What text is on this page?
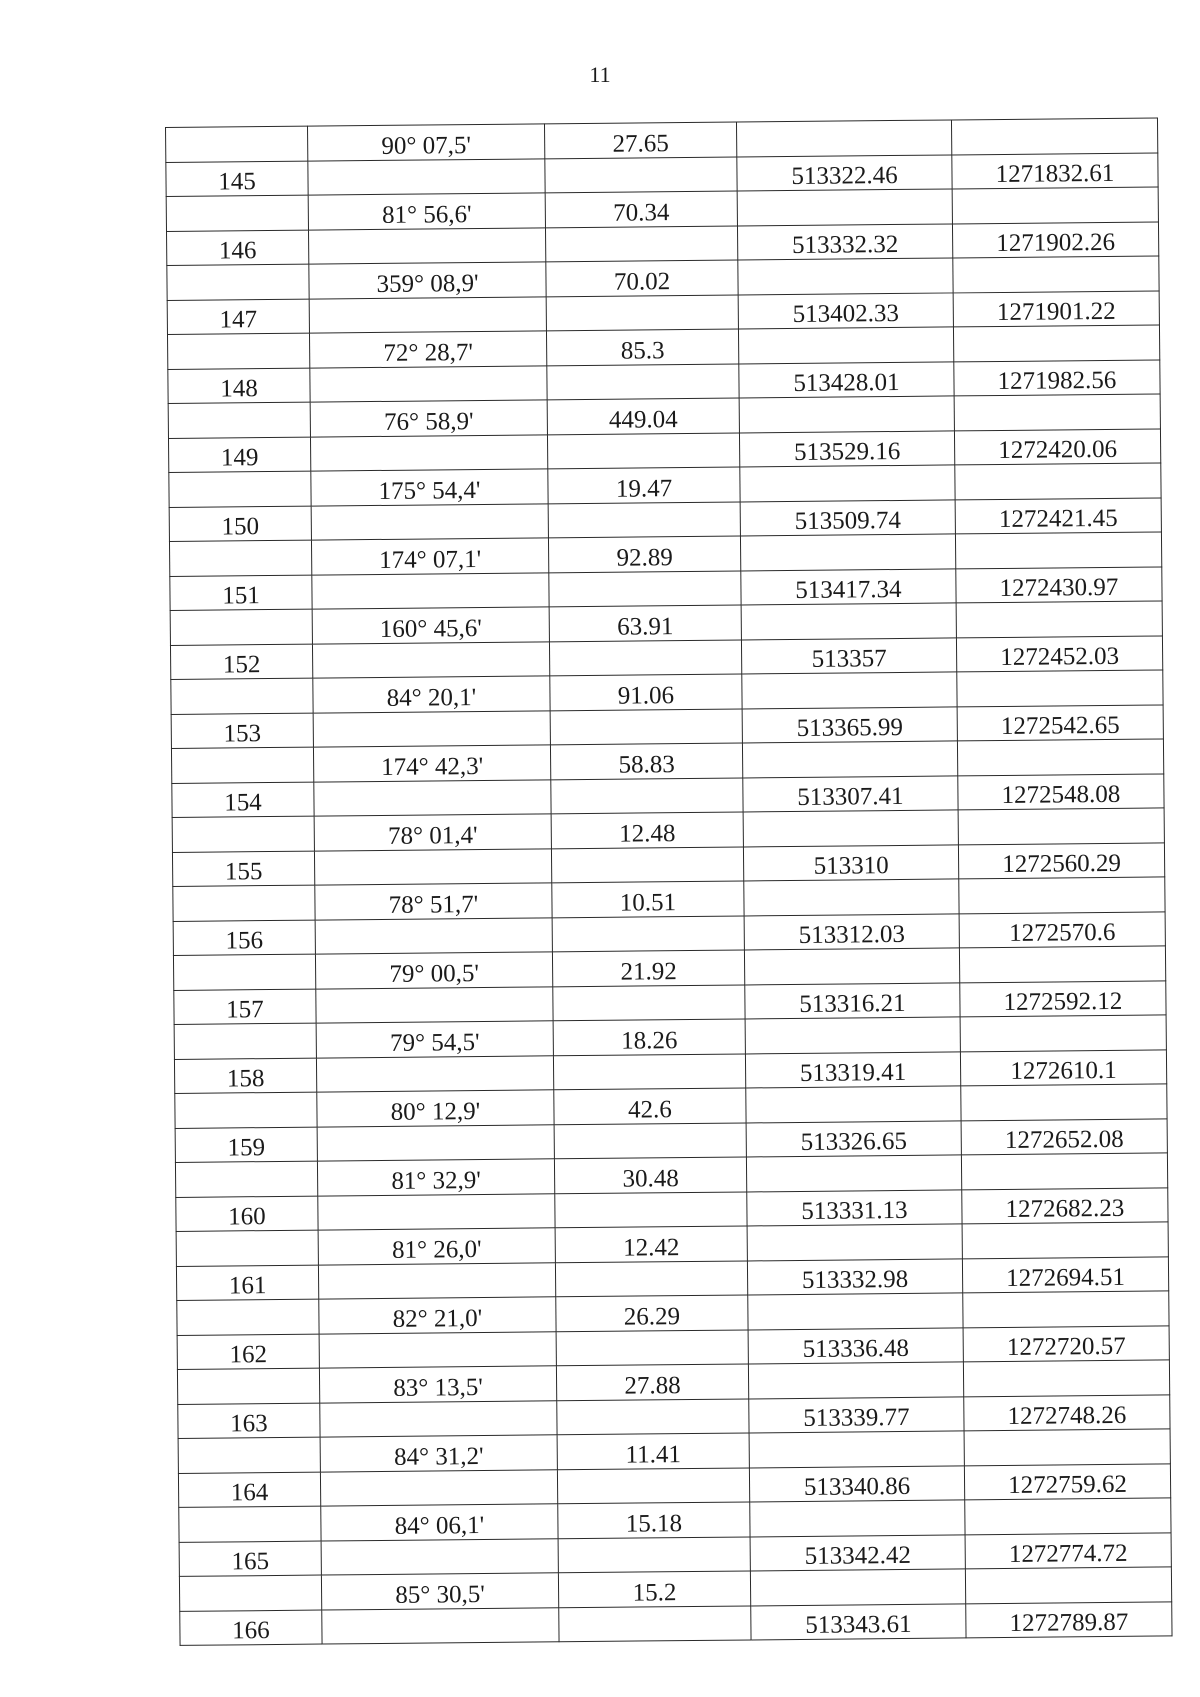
11
	90° 07,5'	27.65		
145			513322.46	1271832.61
	81° 56,6'	70.34		
146			513332.32	1271902.26
	359° 08,9'	70.02		
147			513402.33	1271901.22
	72° 28,7'	85.3		
148			513428.01	1271982.56
	76° 58,9'	449.04		
149			513529.16	1272420.06
	175° 54,4'	19.47		
150			513509.74	1272421.45
	174° 07,1'	92.89		
151			513417.34	1272430.97
	160° 45,6'	63.91		
152			513357	1272452.03
	84° 20,1'	91.06		
153			513365.99	1272542.65
	174° 42,3'	58.83		
154			513307.41	1272548.08
	78° 01,4'	12.48		
155			513310	1272560.29
	78° 51,7'	10.51		
156			513312.03	1272570.6
	79° 00,5'	21.92		
157			513316.21	1272592.12
	79° 54,5'	18.26		
158			513319.41	1272610.1
	80° 12,9'	42.6		
159			513326.65	1272652.08
	81° 32,9'	30.48		
160			513331.13	1272682.23
	81° 26,0'	12.42		
161			513332.98	1272694.51
	82° 21,0'	26.29		
162			513336.48	1272720.57
	83° 13,5'	27.88		
163			513339.77	1272748.26
	84° 31,2'	11.41		
164			513340.86	1272759.62
	84° 06,1'	15.18		
165			513342.42	1272774.72
	85° 30,5'	15.2		
166			513343.61	1272789.87
